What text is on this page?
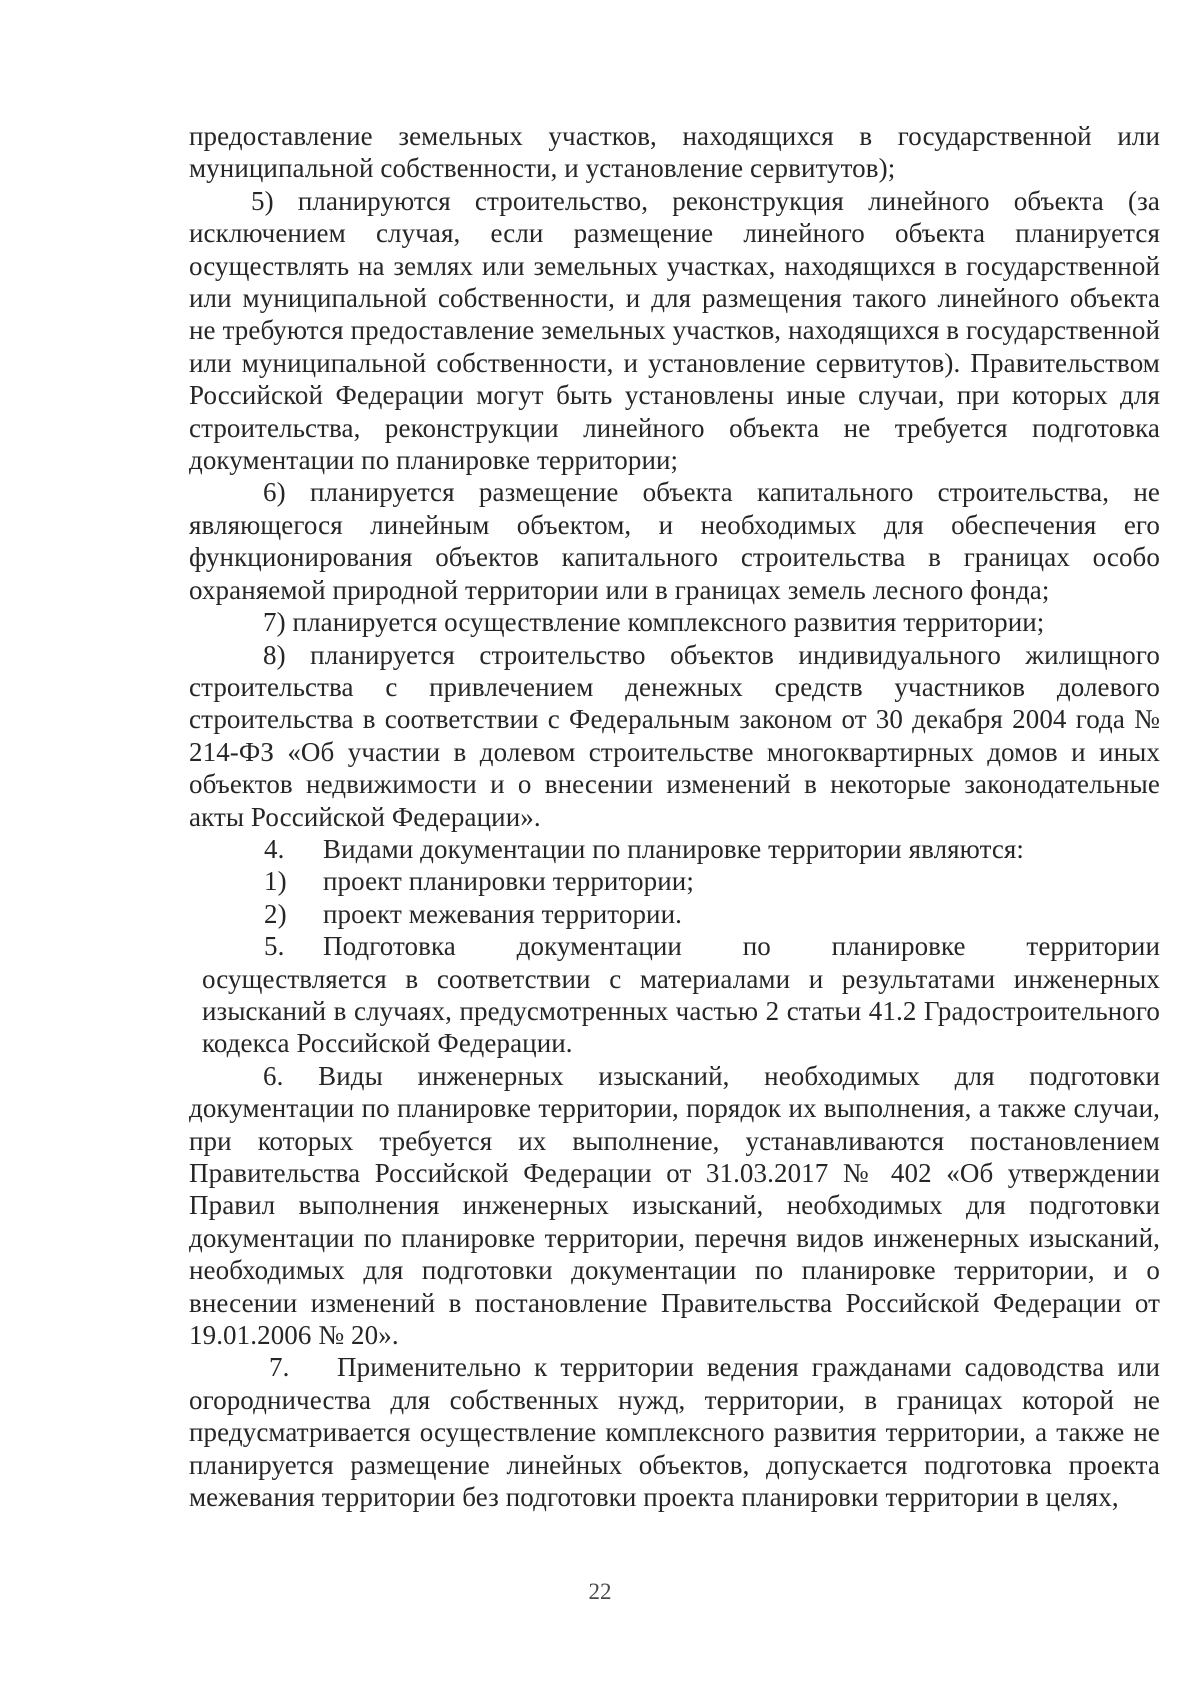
предоставление земельных участков, находящихся в государственной или муниципальной собственности, и установление сервитутов);

5) планируются строительство, реконструкция линейного объекта (за исключением случая, если размещение линейного объекта планируется осуществлять на землях или земельных участках, находящихся в государственной или муниципальной собственности, и для размещения такого линейного объекта не требуются предоставление земельных участков, находящихся в государственной или муниципальной собственности, и установление сервитутов). Правительством Российской Федерации могут быть установлены иные случаи, при которых для строительства, реконструкции линейного объекта не требуется подготовка документации по планировке территории;

6) планируется размещение объекта капитального строительства, не являющегося линейным объектом, и необходимых для обеспечения его функционирования объектов капитального строительства в границах особо охраняемой природной территории или в границах земель лесного фонда;

7) планируется осуществление комплексного развития территории;

8) планируется строительство объектов индивидуального жилищного строительства с привлечением денежных средств участников долевого строительства в соответствии с Федеральным законом от 30 декабря 2004 года № 214-ФЗ «Об участии в долевом строительстве многоквартирных домов и иных объектов недвижимости и о внесении изменений в некоторые законодательные акты Российской Федерации».

4.	Видами документации по планировке территории являются:
1)	проект планировки территории;
2)	проект межевания территории.
5.	Подготовка документации по планировке территории
осуществляется в соответствии с материалами и результатами инженерных изысканий в случаях, предусмотренных частью 2 статьи 41.2 Градостроительного кодекса Российской Федерации.

6. Виды инженерных изысканий, необходимых для подготовки документации по планировке территории, порядок их выполнения, а также случаи, при которых требуется их выполнение, устанавливаются постановлением Правительства Российской Федерации от 31.03.2017 № 402 «Об утверждении Правил выполнения инженерных изысканий, необходимых для подготовки документации по планировке территории, перечня видов инженерных изысканий, необходимых для подготовки документации по планировке территории, и о внесении изменений в постановление Правительства Российской Федерации от 19.01.2006 № 20».

7.	Применительно к территории ведения гражданами садоводства или
огородничества для собственных нужд, территории, в границах которой не предусматривается осуществление комплексного развития территории, а также не планируется размещение линейных объектов, допускается подготовка проекта межевания территории без подготовки проекта планировки территории в целях,
22
